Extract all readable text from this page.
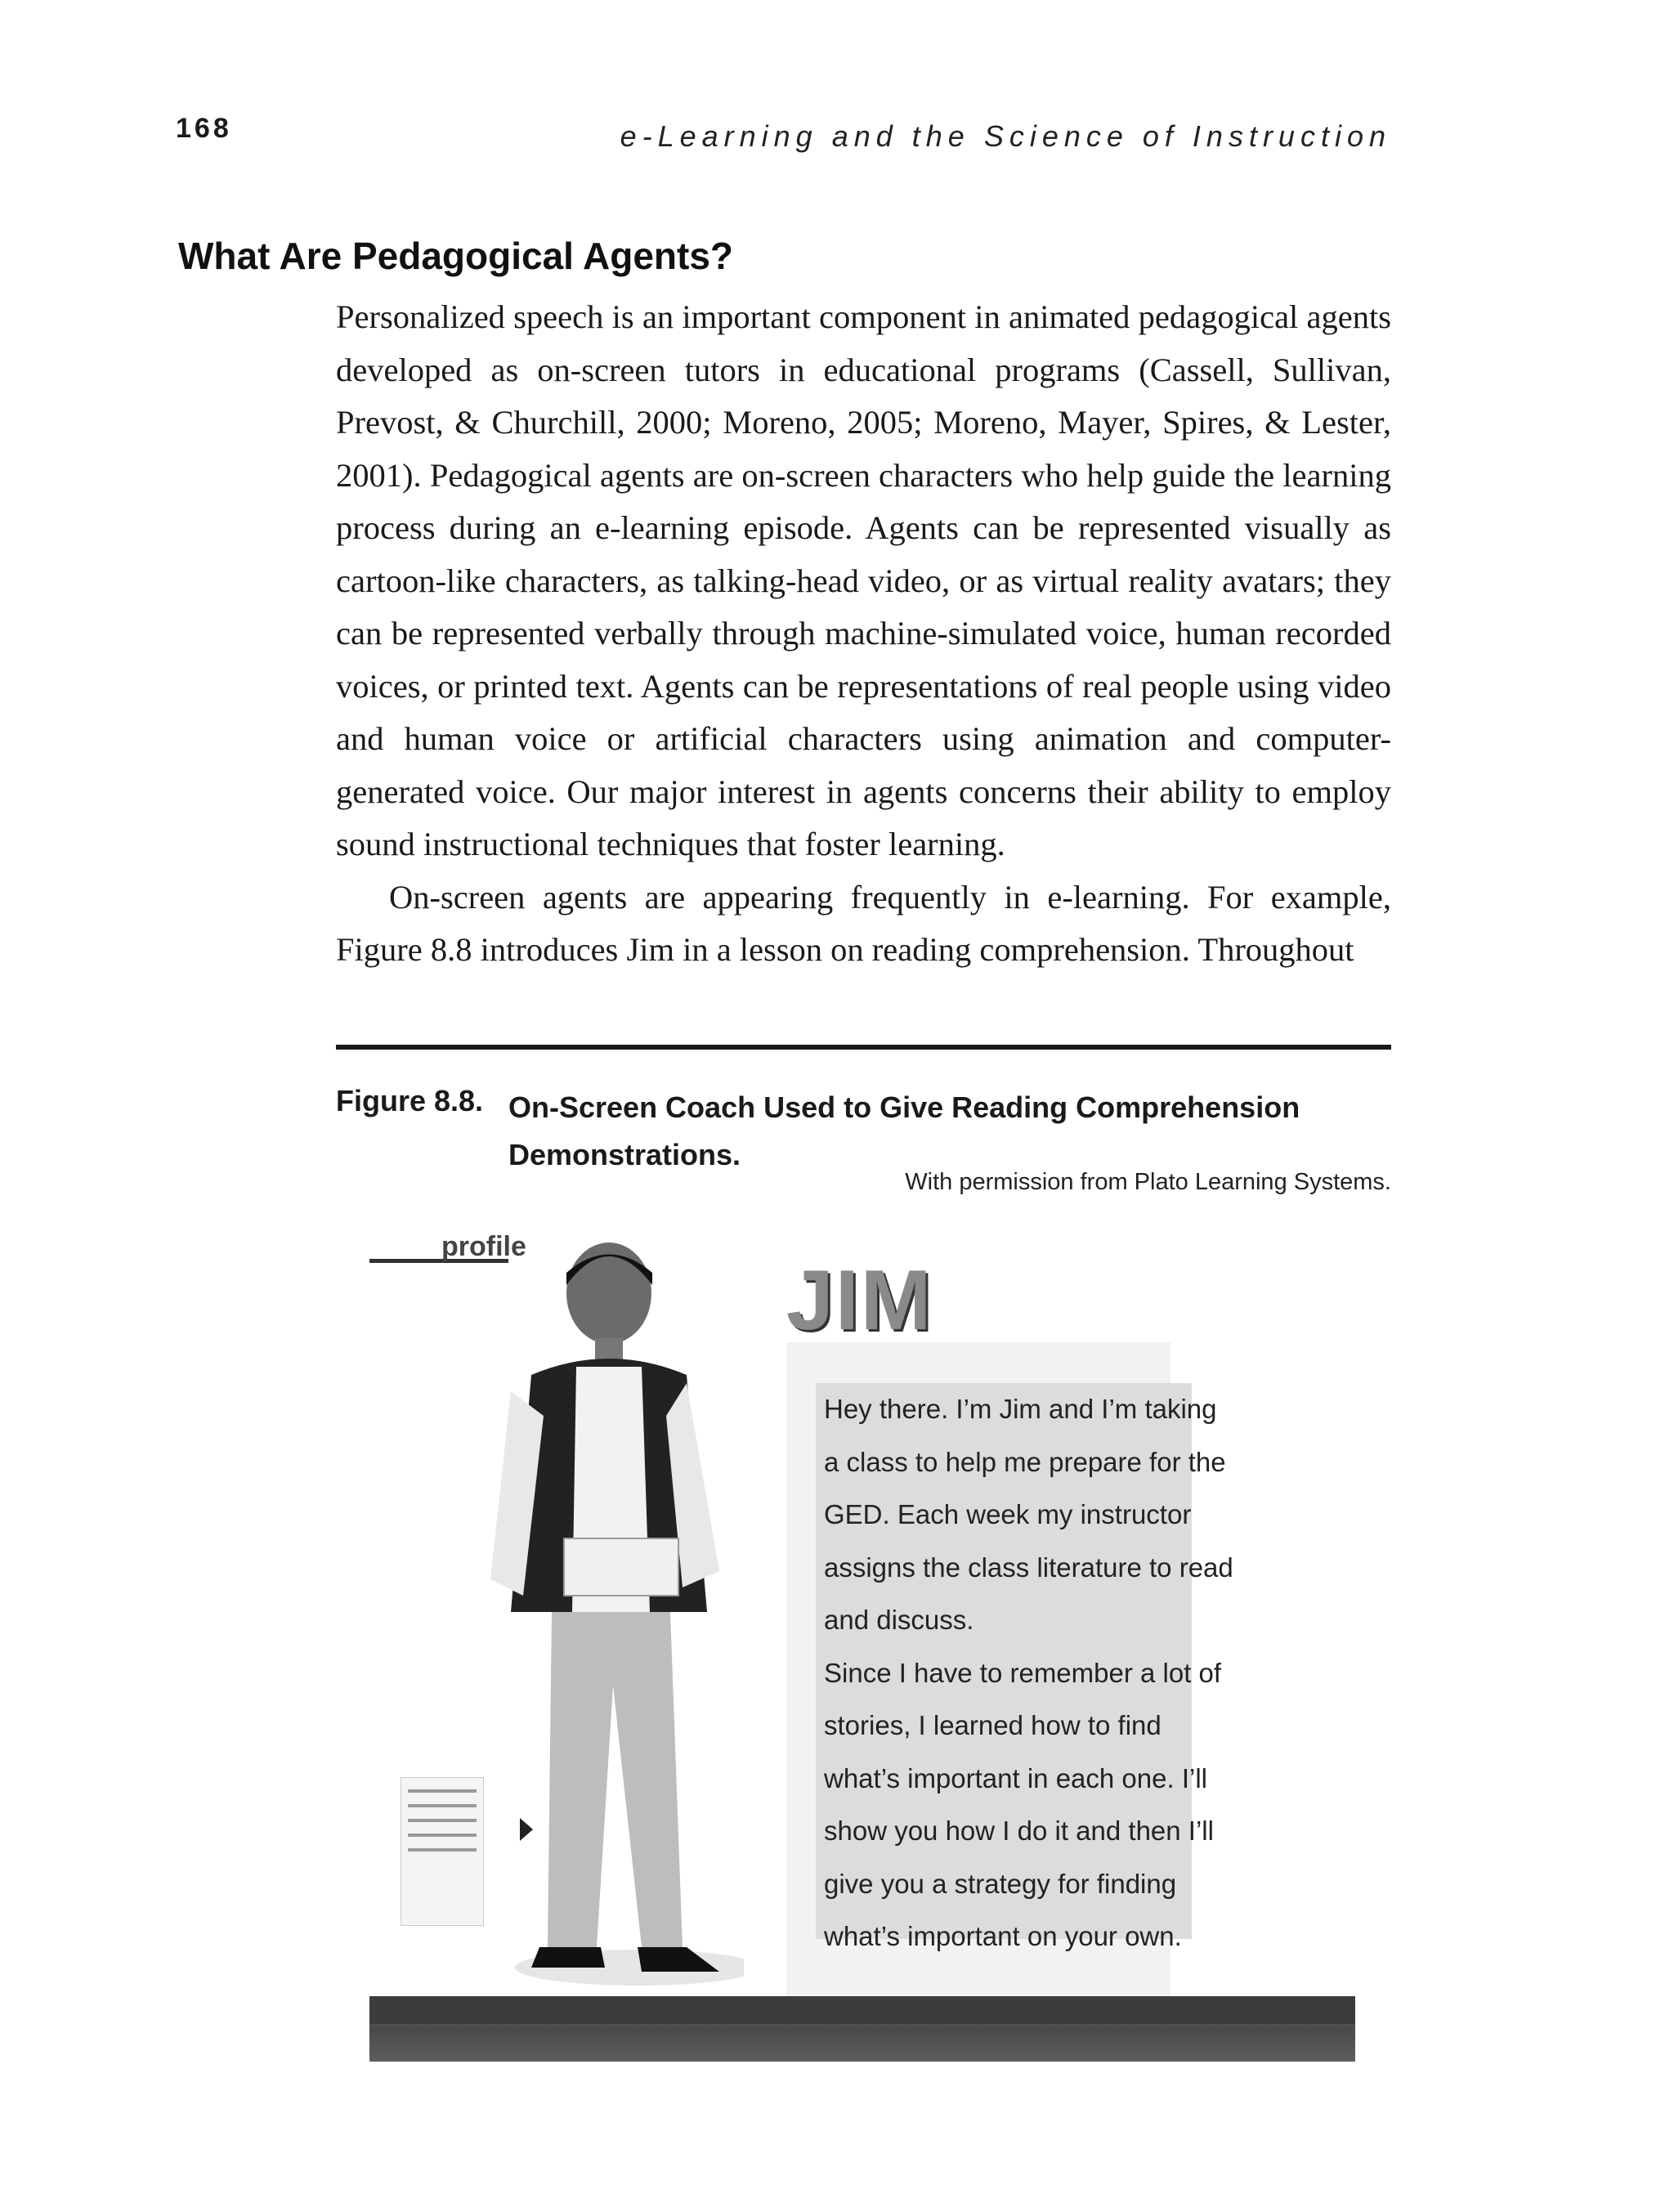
168	e-Learning and the Science of Instruction
What Are Pedagogical Agents?

Personalized speech is an important component in animated pedagogical agents developed as on-screen tutors in educational programs (Cassell, Sullivan, Prevost, & Churchill, 2000; Moreno, 2005; Moreno, Mayer, Spires, & Lester, 2001). Pedagogical agents are on-screen characters who help guide the learning process during an e-learning episode. Agents can be represented visually as cartoon-like characters, as talking-head video, or as virtual reality avatars; they can be represented verbally through machine-simulated voice, human recorded voices, or printed text. Agents can be representations of real people using video and human voice or artificial characters using animation and computer-generated voice. Our major interest in agents concerns their ability to employ sound instructional techniques that foster learning.

On-screen agents are appearing frequently in e-learning. For example, Figure 8.8 introduces Jim in a lesson on reading comprehension. Throughout

Figure 8.8. On-Screen Coach Used to Give Reading Comprehension Demonstrations.
With permission from Plato Learning Systems.
profile
JIM
Hey there. I’m Jim and I’m taking
a class to help me prepare for the
GED. Each week my instructor
assigns the class literature to read
and discuss.
Since I have to remember a lot of
stories, I learned how to find
what’s important in each one. I’ll
show you how I do it and then I’ll
give you a strategy for finding
what’s important on your own.
